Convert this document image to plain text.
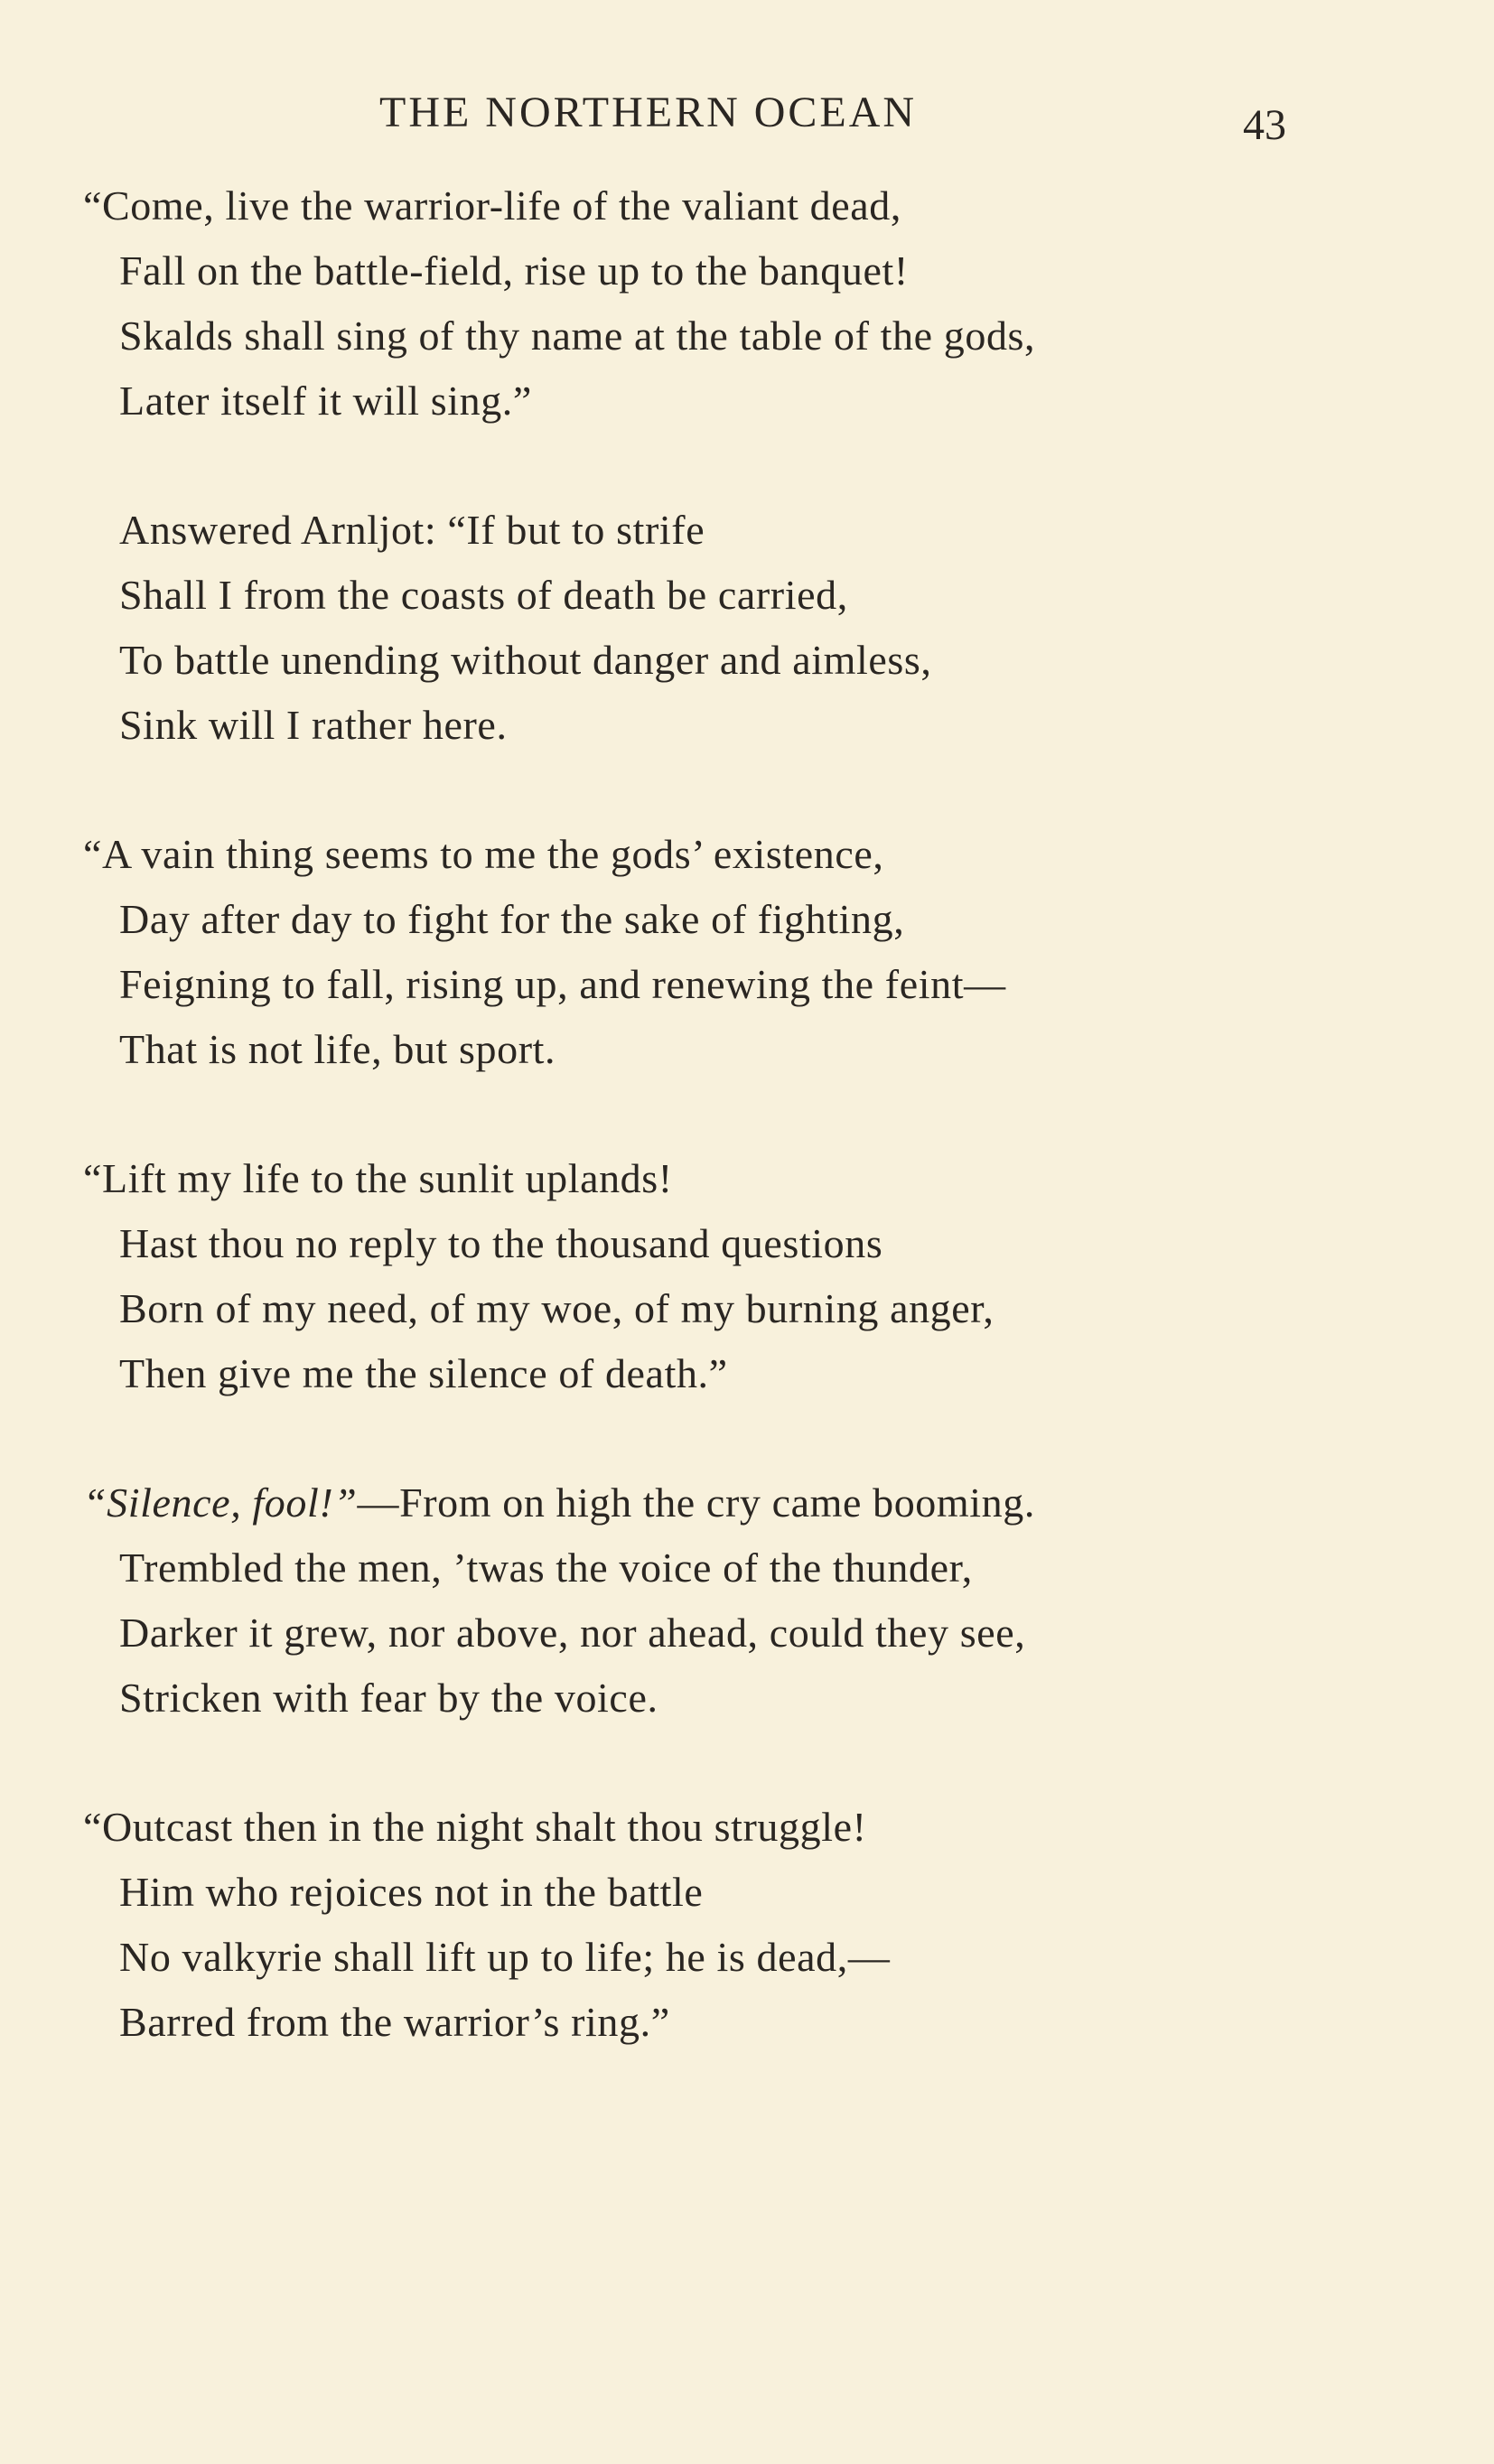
THE NORTHERN OCEAN	43
“Come, live the warrior-life of the valiant dead,
Fall on the battle-field, rise up to the banquet!
Skalds shall sing of thy name at the table of the gods,
Later itself it will sing.”
Answered Arnljot: “If but to strife
Shall I from the coasts of death be carried,
To battle unending without danger and aimless,
Sink will I rather here.
“A vain thing seems to me the gods’ existence,
Day after day to fight for the sake of fighting,
Feigning to fall, rising up, and renewing the feint—
That is not life, but sport.
“Lift my life to the sunlit uplands!
Hast thou no reply to the thousand questions
Born of my need, of my woe, of my burning anger,
Then give me the silence of death.”
“Silence, fool!”—From on high the cry came booming.
Trembled the men, ’twas the voice of the thunder,
Darker it grew, nor above, nor ahead, could they see,
Stricken with fear by the voice.
“Outcast then in the night shalt thou struggle!
Him who rejoices not in the battle
No valkyrie shall lift up to life; he is dead,—
Barred from the warrior’s ring.”
